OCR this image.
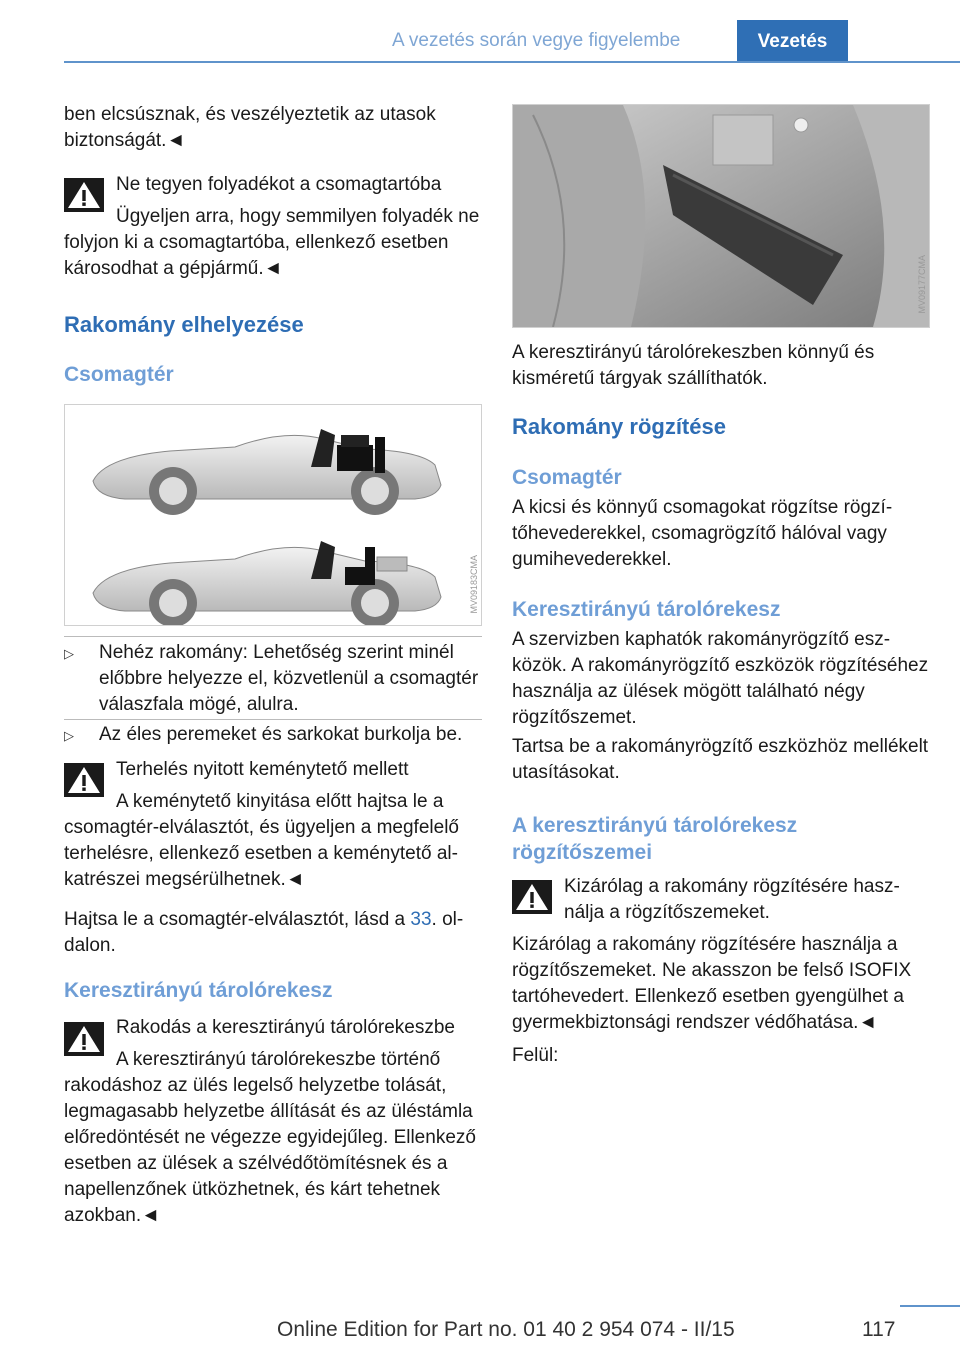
A vezetés során vegye figyelembe	Vezetés

ben elcsúsznak, és veszélyeztetik az utasok biztonságát.◄

Ne tegyen folyadékot a csomagtartóba

Ügyeljen arra, hogy semmilyen folyadék ne folyjon ki a csomagtartóba, ellenkező esetben károsodhat a gépjármű.◄

Rakomány elhelyezése
Csomagtér
MV09183CMA
▷ Nehéz rakomány: Lehetőség szerint minél előbbre helyezze el, közvetlenül a csomagtér válaszfala mögé, alulra.
▷ Az éles peremeket és sarkokat burkolja be.
Terhelés nyitott keménytető mellett

A keménytető kinyitása előtt hajtsa le a csomagtér-elválasztót, és ügyeljen a megfelelő terhelésre, ellenkező esetben a keménytető alkatrészei megsérülhetnek.◄

Hajtsa le a csomagtér-elválasztót, lásd a 33. oldalon.

Keresztirányú tárolórekesz
Rakodás a keresztirányú tárolórekeszbe

A keresztirányú tárolórekeszbe történő rakodáshoz az ülés legelső helyzetbe tolását, legmagasabb helyzetbe állítását és az üléstámla előredöntését ne végezze egyidejűleg. Ellenkező esetben az ülések a szélvédőtömítésnek és a napellenzőnek ütközhetnek, és kárt tehetnek azokban.◄

MV09177CMA

A keresztirányú tárolórekeszben könnyű és kisméretű tárgyak szállíthatók.

Rakomány rögzítése
Csomagtér

A kicsi és könnyű csomagokat rögzítse rögzítőhevederekkel, csomagrögzítő hálóval vagy gumihevederekkel.

Keresztirányú tárolórekesz

A szervizben kaphatók rakományrögzítő eszközök. A rakományrögzítő eszközök rögzítéséhez használja az ülések mögött található négy rögzítőszemet.

Tartsa be a rakományrögzítő eszközhöz mellékelt utasításokat.

A keresztirányú tárolórekesz rögzítőszemei
Kizárólag a rakomány rögzítésére használja a rögzítőszemeket.

Kizárólag a rakomány rögzítésére használja a rögzítőszemeket. Ne akasszon be felső ISOFIX tartóhevedert. Ellenkező esetben gyengülhet a gyermekbiztonsági rendszer védőhatása.◄

Felül:

Online Edition for Part no. 01 40 2 954 074 - II/15	117
